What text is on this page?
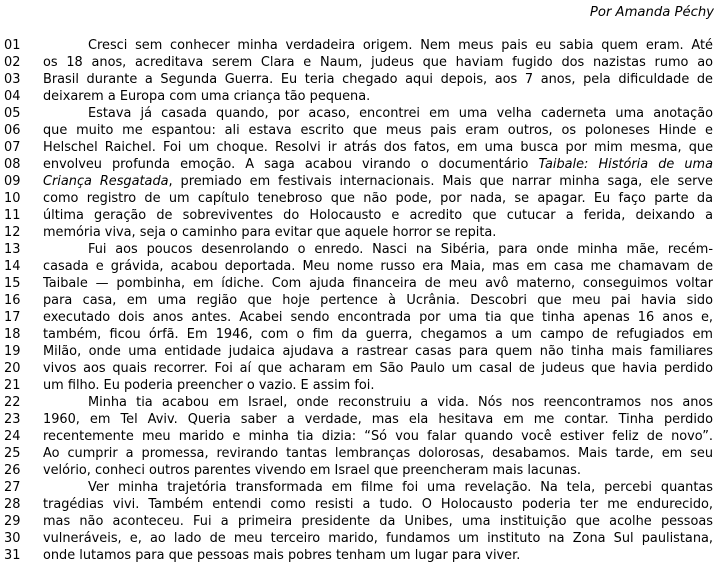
Por Amanda Péchy
01	Cresci sem conhecer minha verdadeira origem. Nem meus pais eu sabia quem eram. Até
02	os 18 anos, acreditava serem Clara e Naum, judeus que haviam fugido dos nazistas rumo ao
03	Brasil durante a Segunda Guerra. Eu teria chegado aqui depois, aos 7 anos, pela dificuldade de
04	deixarem a Europa com uma criança tão pequena.
05	Estava já casada quando, por acaso, encontrei em uma velha caderneta uma anotação
06	que muito me espantou: ali estava escrito que meus pais eram outros, os poloneses Hinde e
07	Helschel Raichel. Foi um choque. Resolvi ir atrás dos fatos, em uma busca por mim mesma, que
08	envolveu profunda emoção. A saga acabou virando o documentário Taibale: História de uma
09	Criança Resgatada, premiado em festivais internacionais. Mais que narrar minha saga, ele serve
10	como registro de um capítulo tenebroso que não pode, por nada, se apagar. Eu faço parte da
11	última geração de sobreviventes do Holocausto e acredito que cutucar a ferida, deixando a
12	memória viva, seja o caminho para evitar que aquele horror se repita.
13	Fui aos poucos desenrolando o enredo. Nasci na Sibéria, para onde minha mãe, recém-
14	casada e grávida, acabou deportada. Meu nome russo era Maia, mas em casa me chamavam de
15	Taibale — pombinha, em ídiche. Com ajuda financeira de meu avô materno, conseguimos voltar
16	para casa, em uma região que hoje pertence à Ucrânia. Descobri que meu pai havia sido
17	executado dois anos antes. Acabei sendo encontrada por uma tia que tinha apenas 16 anos e,
18	também, ficou órfã. Em 1946, com o fim da guerra, chegamos a um campo de refugiados em
19	Milão, onde uma entidade judaica ajudava a rastrear casas para quem não tinha mais familiares
20	vivos aos quais recorrer. Foi aí que acharam em São Paulo um casal de judeus que havia perdido
21	um filho. Eu poderia preencher o vazio. E assim foi.
22	Minha tia acabou em Israel, onde reconstruiu a vida. Nós nos reencontramos nos anos
23	1960, em Tel Aviv. Queria saber a verdade, mas ela hesitava em me contar. Tinha perdido
24	recentemente meu marido e minha tia dizia: “Só vou falar quando você estiver feliz de novo”.
25	Ao cumprir a promessa, revirando tantas lembranças dolorosas, desabamos. Mais tarde, em seu
26	velório, conheci outros parentes vivendo em Israel que preencheram mais lacunas.
27	Ver minha trajetória transformada em filme foi uma revelação. Na tela, percebi quantas
28	tragédias vivi. Também entendi como resisti a tudo. O Holocausto poderia ter me endurecido,
29	mas não aconteceu. Fui a primeira presidente da Unibes, uma instituição que acolhe pessoas
30	vulneráveis, e, ao lado de meu terceiro marido, fundamos um instituto na Zona Sul paulistana,
31	onde lutamos para que pessoas mais pobres tenham um lugar para viver.
